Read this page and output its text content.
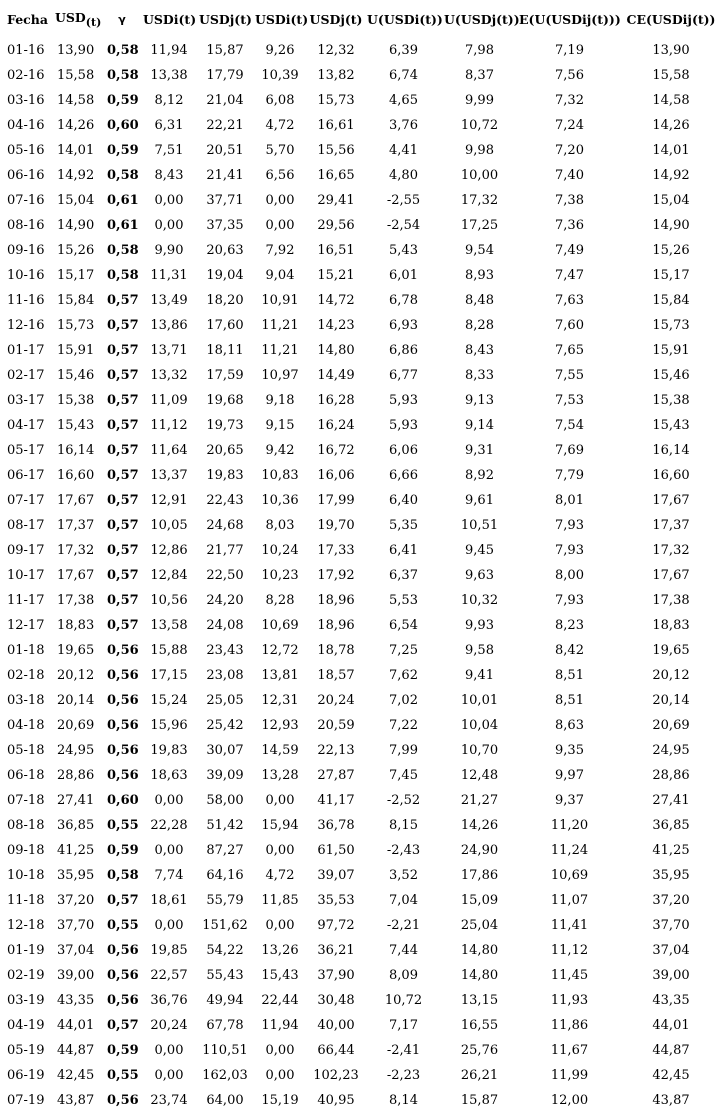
Fecha	$USD_{(t)}$	γ	USDi(t)	USDj(t)	USDi(t)	USDj(t)	U(USDi(t))	U(USDj(t))	E(U(USDij(t)))	CE(USDij(t))
01-16	13,90	0,58	11,94	15,87	9,26	12,32	6,39	7,98	7,19	13,90
02-16	15,58	0,58	13,38	17,79	10,39	13,82	6,74	8,37	7,56	15,58
03-16	14,58	0,59	8,12	21,04	6,08	15,73	4,65	9,99	7,32	14,58
04-16	14,26	0,60	6,31	22,21	4,72	16,61	3,76	10,72	7,24	14,26
05-16	14,01	0,59	7,51	20,51	5,70	15,56	4,41	9,98	7,20	14,01
06-16	14,92	0,58	8,43	21,41	6,56	16,65	4,80	10,00	7,40	14,92
07-16	15,04	0,61	0,00	37,71	0,00	29,41	-2,55	17,32	7,38	15,04
08-16	14,90	0,61	0,00	37,35	0,00	29,56	-2,54	17,25	7,36	14,90
09-16	15,26	0,58	9,90	20,63	7,92	16,51	5,43	9,54	7,49	15,26
10-16	15,17	0,58	11,31	19,04	9,04	15,21	6,01	8,93	7,47	15,17
11-16	15,84	0,57	13,49	18,20	10,91	14,72	6,78	8,48	7,63	15,84
12-16	15,73	0,57	13,86	17,60	11,21	14,23	6,93	8,28	7,60	15,73
01-17	15,91	0,57	13,71	18,11	11,21	14,80	6,86	8,43	7,65	15,91
02-17	15,46	0,57	13,32	17,59	10,97	14,49	6,77	8,33	7,55	15,46
03-17	15,38	0,57	11,09	19,68	9,18	16,28	5,93	9,13	7,53	15,38
04-17	15,43	0,57	11,12	19,73	9,15	16,24	5,93	9,14	7,54	15,43
05-17	16,14	0,57	11,64	20,65	9,42	16,72	6,06	9,31	7,69	16,14
06-17	16,60	0,57	13,37	19,83	10,83	16,06	6,66	8,92	7,79	16,60
07-17	17,67	0,57	12,91	22,43	10,36	17,99	6,40	9,61	8,01	17,67
08-17	17,37	0,57	10,05	24,68	8,03	19,70	5,35	10,51	7,93	17,37
09-17	17,32	0,57	12,86	21,77	10,24	17,33	6,41	9,45	7,93	17,32
10-17	17,67	0,57	12,84	22,50	10,23	17,92	6,37	9,63	8,00	17,67
11-17	17,38	0,57	10,56	24,20	8,28	18,96	5,53	10,32	7,93	17,38
12-17	18,83	0,57	13,58	24,08	10,69	18,96	6,54	9,93	8,23	18,83
01-18	19,65	0,56	15,88	23,43	12,72	18,78	7,25	9,58	8,42	19,65
02-18	20,12	0,56	17,15	23,08	13,81	18,57	7,62	9,41	8,51	20,12
03-18	20,14	0,56	15,24	25,05	12,31	20,24	7,02	10,01	8,51	20,14
04-18	20,69	0,56	15,96	25,42	12,93	20,59	7,22	10,04	8,63	20,69
05-18	24,95	0,56	19,83	30,07	14,59	22,13	7,99	10,70	9,35	24,95
06-18	28,86	0,56	18,63	39,09	13,28	27,87	7,45	12,48	9,97	28,86
07-18	27,41	0,60	0,00	58,00	0,00	41,17	-2,52	21,27	9,37	27,41
08-18	36,85	0,55	22,28	51,42	15,94	36,78	8,15	14,26	11,20	36,85
09-18	41,25	0,59	0,00	87,27	0,00	61,50	-2,43	24,90	11,24	41,25
10-18	35,95	0,58	7,74	64,16	4,72	39,07	3,52	17,86	10,69	35,95
11-18	37,20	0,57	18,61	55,79	11,85	35,53	7,04	15,09	11,07	37,20
12-18	37,70	0,55	0,00	151,62	0,00	97,72	-2,21	25,04	11,41	37,70
01-19	37,04	0,56	19,85	54,22	13,26	36,21	7,44	14,80	11,12	37,04
02-19	39,00	0,56	22,57	55,43	15,43	37,90	8,09	14,80	11,45	39,00
03-19	43,35	0,56	36,76	49,94	22,44	30,48	10,72	13,15	11,93	43,35
04-19	44,01	0,57	20,24	67,78	11,94	40,00	7,17	16,55	11,86	44,01
05-19	44,87	0,59	0,00	110,51	0,00	66,44	-2,41	25,76	11,67	44,87
06-19	42,45	0,55	0,00	162,03	0,00	102,23	-2,23	26,21	11,99	42,45
07-19	43,87	0,56	23,74	64,00	15,19	40,95	8,14	15,87	12,00	43,87
